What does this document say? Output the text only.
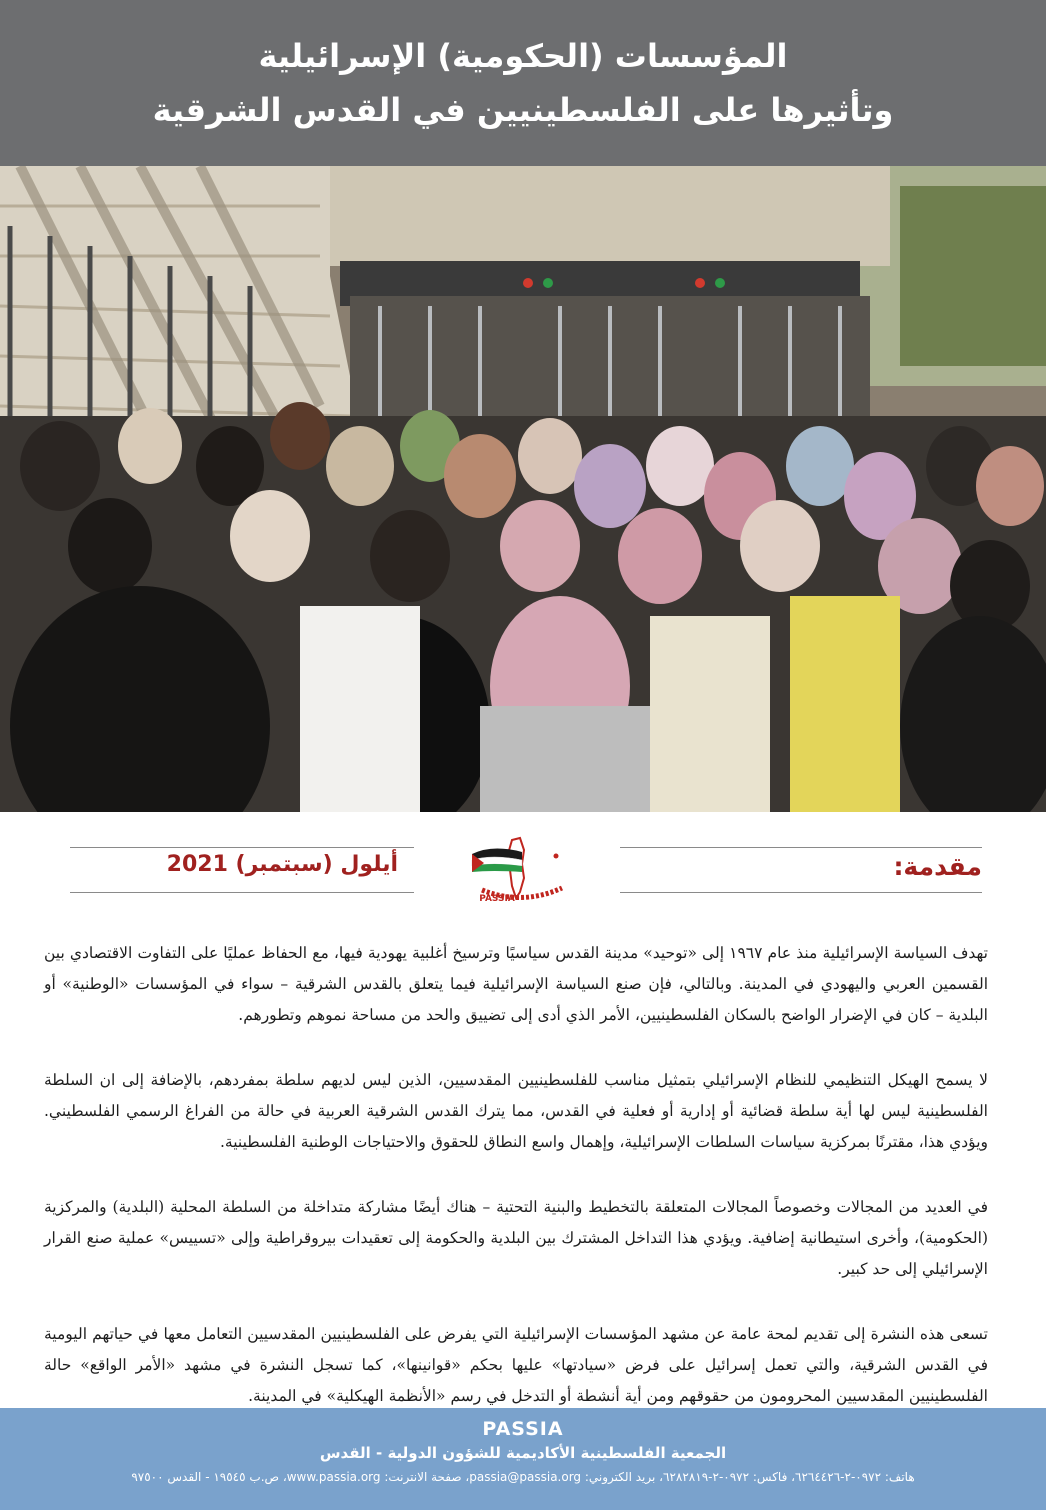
المؤسسات (الحكومية) الإسرائيلية
وتأثيرها على الفلسطينيين في القدس الشرقية
أيلول (سبتمبر) 2021
PASSIA
مقدمة:

تهدف السياسة الإسرائيلية منذ عام ١٩٦٧ إلى «توحيد» مدينة القدس سياسيًا وترسيخ أغلبية يهودية فيها، مع الحفاظ عمليًا على التفاوت الاقتصادي بين القسمين العربي واليهودي في المدينة. وبالتالي، فإن صنع السياسة الإسرائيلية فيما يتعلق بالقدس الشرقية – سواء في المؤسسات «الوطنية» أو البلدية – كان في الإضرار الواضح بالسكان الفلسطينيين، الأمر الذي أدى إلى تضييق والحد من مساحة نموهم وتطورهم.

لا يسمح الهيكل التنظيمي للنظام الإسرائيلي بتمثيل مناسب للفلسطينيين المقدسيين، الذين ليس لديهم سلطة بمفردهم، بالإضافة إلى ان السلطة الفلسطينية ليس لها أية سلطة قضائية أو إدارية أو فعلية في القدس، مما يترك القدس الشرقية العربية في حالة من الفراغ الرسمي الفلسطيني. ويؤدي هذا، مقترنًا بمركزية سياسات السلطات الإسرائيلية، وإهمال واسع النطاق للحقوق والاحتياجات الوطنية الفلسطينية.

في العديد من المجالات وخصوصاً المجالات المتعلقة بالتخطيط والبنية التحتية – هناك أيضًا مشاركة متداخلة من السلطة المحلية (البلدية) والمركزية (الحكومية)، وأخرى استيطانية إضافية. ويؤدي هذا التداخل المشترك بين البلدية والحكومة إلى تعقيدات بيروقراطية وإلى «تسييس» عملية صنع القرار الإسرائيلي إلى حد كبير.

تسعى هذه النشرة إلى تقديم لمحة عامة عن مشهد المؤسسات الإسرائيلية التي يفرض على الفلسطينيين المقدسيين التعامل معها في حياتهم اليومية في القدس الشرقية، والتي تعمل إسرائيل على فرض «سيادتها» عليها بحكم «قوانينها»، كما تسجل النشرة في مشهد «الأمر الواقع» حالة الفلسطينيين المقدسيين المحرومون من حقوقهم ومن أية أنشطة أو التدخل في رسم «الأنظمة الهيكلية» في المدينة.

PASSIA
الجمعية الفلسطينية الأكاديمية للشؤون الدولية - القدس
هاتف: ٠٩٧٢-٢-٦٢٦٤٤٢٦، فاكس: ٠٩٧٢-٢-٦٢٨٢٨١٩، بريد الكتروني: passia@passia.org، صفحة الانترنت: www.passia.org، ص.ب ١٩٥٤٥ - القدس ٩٧٥٠٠
